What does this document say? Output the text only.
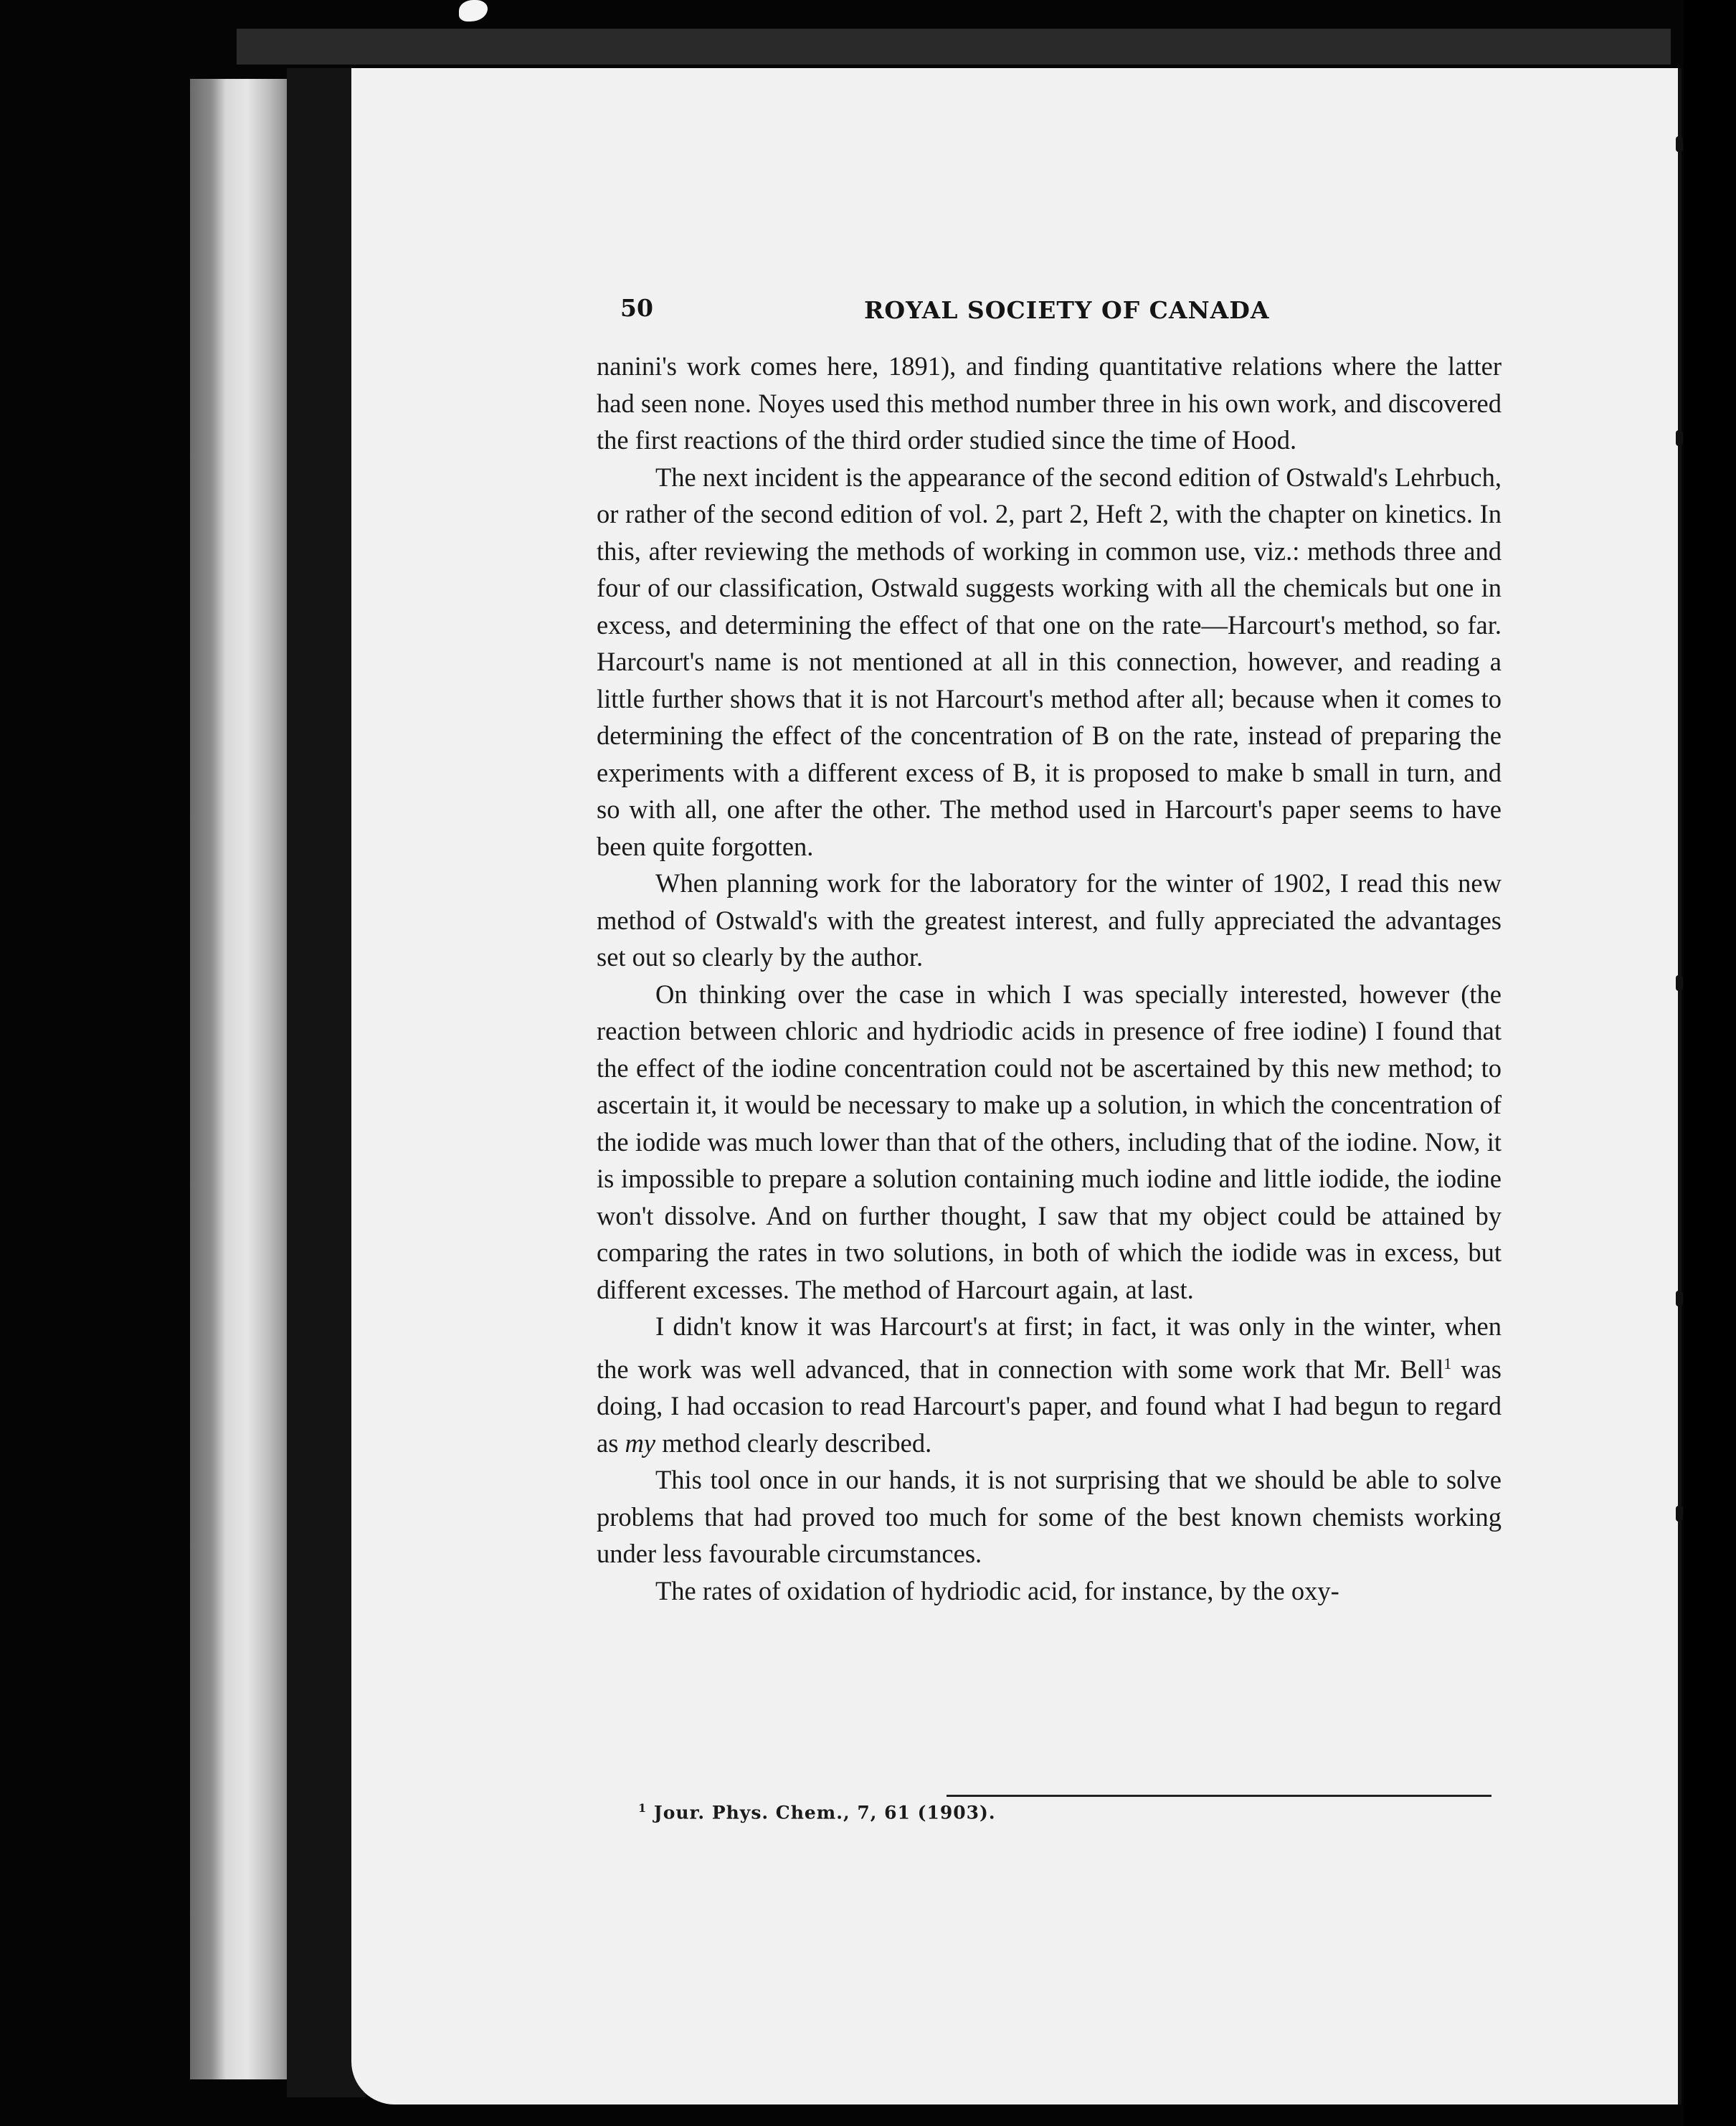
50	ROYAL SOCIETY OF CANADA

nanini's work comes here, 1891), and finding quantitative relations where the latter had seen none. Noyes used this method number three in his own work, and discovered the first reactions of the third order studied since the time of Hood.

The next incident is the appearance of the second edition of Ostwald's Lehrbuch, or rather of the second edition of vol. 2, part 2, Heft 2, with the chapter on kinetics. In this, after reviewing the methods of working in common use, viz.: methods three and four of our classification, Ostwald suggests working with all the chemicals but one in excess, and determining the effect of that one on the rate—Harcourt's method, so far. Harcourt's name is not mentioned at all in this connection, however, and reading a little further shows that it is not Harcourt's method after all; because when it comes to determining the effect of the concentration of B on the rate, instead of preparing the experiments with a different excess of B, it is proposed to make b small in turn, and so with all, one after the other. The method used in Harcourt's paper seems to have been quite forgotten.

When planning work for the laboratory for the winter of 1902, I read this new method of Ostwald's with the greatest interest, and fully appreciated the advantages set out so clearly by the author.

On thinking over the case in which I was specially interested, however (the reaction between chloric and hydriodic acids in presence of free iodine) I found that the effect of the iodine concentration could not be ascertained by this new method; to ascertain it, it would be necessary to make up a solution, in which the concentration of the iodide was much lower than that of the others, including that of the iodine. Now, it is impossible to prepare a solution containing much iodine and little iodide, the iodine won't dissolve. And on further thought, I saw that my object could be attained by comparing the rates in two solutions, in both of which the iodide was in excess, but different excesses. The method of Harcourt again, at last.

I didn't know it was Harcourt's at first; in fact, it was only in the winter, when the work was well advanced, that in connection with some work that Mr. Bell$^1$ was doing, I had occasion to read Harcourt's paper, and found what I had begun to regard as my method clearly described.

This tool once in our hands, it is not surprising that we should be able to solve problems that had proved too much for some of the best known chemists working under less favourable circumstances.

The rates of oxidation of hydriodic acid, for instance, by the oxy-

$^1$ Jour. Phys. Chem., 7, 61 (1903).
